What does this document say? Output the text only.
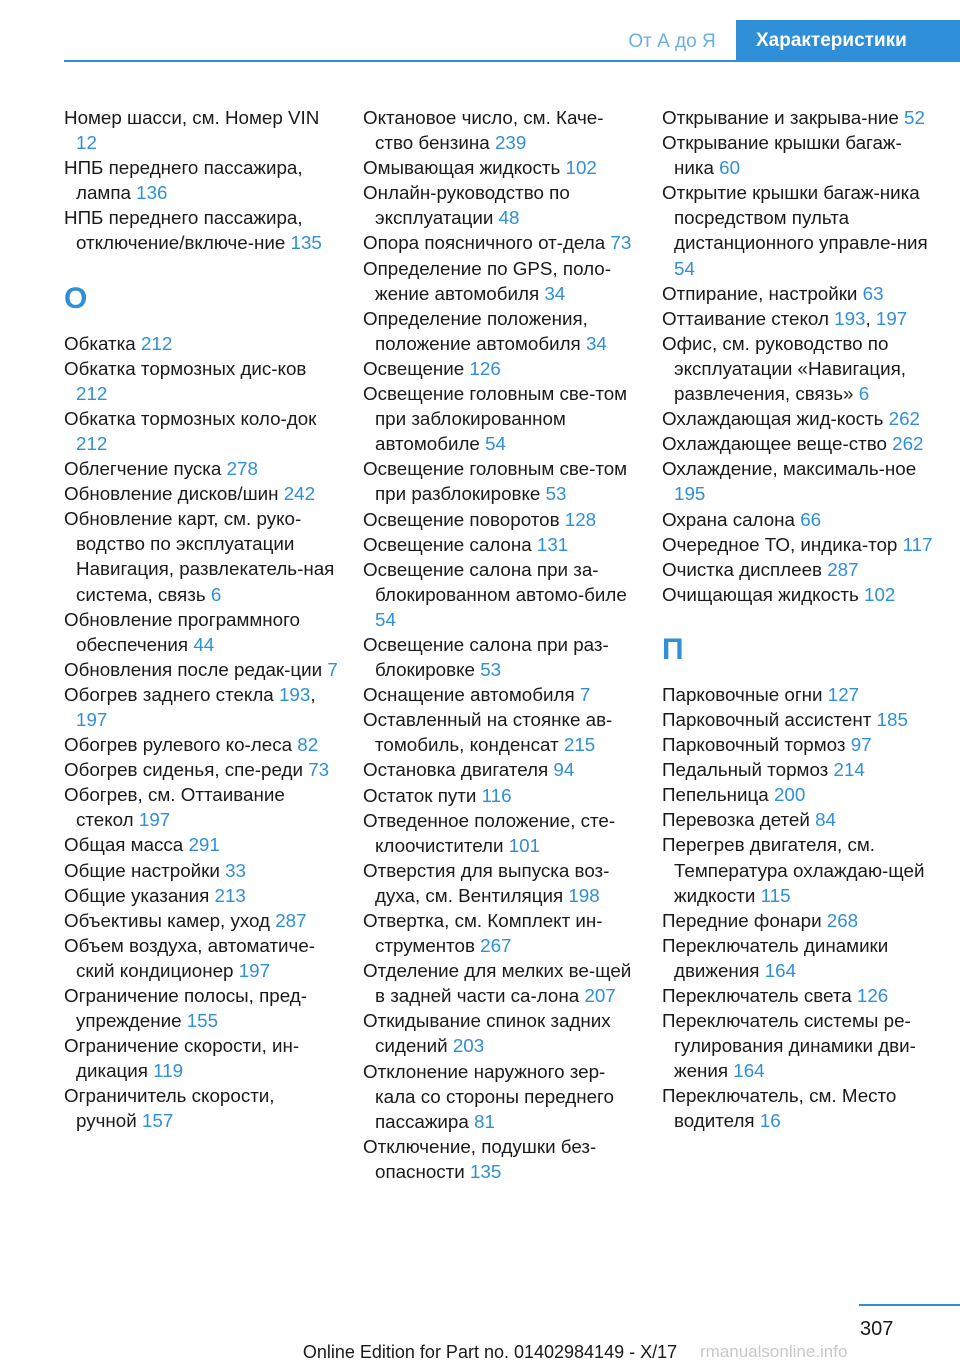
От А до Я	Характеристики
Номер шасси, см. Номер VIN 12
НПБ переднего пассажира, лампа 136
НПБ переднего пассажира, отключение/включе‐ние 135
О
Обкатка 212
Обкатка тормозных дис‐ков 212
Обкатка тормозных коло‐док 212
Облегчение пуска 278
Обновление дисков/шин 242
Обновление карт, см. руко‐водство по эксплуатации Навигация, развлекатель‐ная система, связь 6
Обновление программного обеспечения 44
Обновления после редак‐ции 7
Обогрев заднего стекла 193, 197
Обогрев рулевого ко‐леса 82
Обогрев сиденья, спе‐реди 73
Обогрев, см. Оттаивание стекол 197
Общая масса 291
Общие настройки 33
Общие указания 213
Объективы камер, уход 287
Объем воздуха, автоматиче‐ский кондиционер 197
Ограничение полосы, пред‐упреждение 155
Ограничение скорости, ин‐дикация 119
Ограничитель скорости, ручной 157
Октановое число, см. Каче‐ство бензина 239
Омывающая жидкость 102
Онлайн-руководство по эксплуатации 48
Опора поясничного от‐дела 73
Определение по GPS, поло‐жение автомобиля 34
Определение положения, положение автомобиля 34
Освещение 126
Освещение головным све‐том при заблокированном автомобиле 54
Освещение головным све‐том при разблокировке 53
Освещение поворотов 128
Освещение салона 131
Освещение салона при за‐блокированном автомо‐биле 54
Освещение салона при раз‐блокировке 53
Оснащение автомобиля 7
Оставленный на стоянке ав‐томобиль, конденсат 215
Остановка двигателя 94
Остаток пути 116
Отведенное положение, сте‐клоочистители 101
Отверстия для выпуска воз‐духа, см. Вентиляция 198
Отвертка, см. Комплект ин‐струментов 267
Отделение для мелких ве‐щей в задней части са‐лона 207
Откидывание спинок задних сидений 203
Отклонение наружного зер‐кала со стороны переднего пассажира 81
Отключение, подушки без‐опасности 135
Открывание и закрыва‐ние 52
Открывание крышки багаж‐ника 60
Открытие крышки багаж‐ника посредством пульта дистанционного управле‐ния 54
Отпирание, настройки 63
Оттаивание стекол 193, 197
Офис, см. руководство по эксплуатации «Навигация, развлечения, связь» 6
Охлаждающая жид‐кость 262
Охлаждающее веще‐ство 262
Охлаждение, максималь‐ное 195
Охрана салона 66
Очередное ТО, индика‐тор 117
Очистка дисплеев 287
Очищающая жидкость 102
П
Парковочные огни 127
Парковочный ассистент 185
Парковочный тормоз 97
Педальный тормоз 214
Пепельница 200
Перевозка детей 84
Перегрев двигателя, см. Температура охлаждаю‐щей жидкости 115
Передние фонари 268
Переключатель динамики движения 164
Переключатель света 126
Переключатель системы ре‐гулирования динамики дви‐жения 164
Переключатель, см. Место водителя 16
307
Online Edition for Part no. 01402984149 - X/17 rmanualsonline.info
